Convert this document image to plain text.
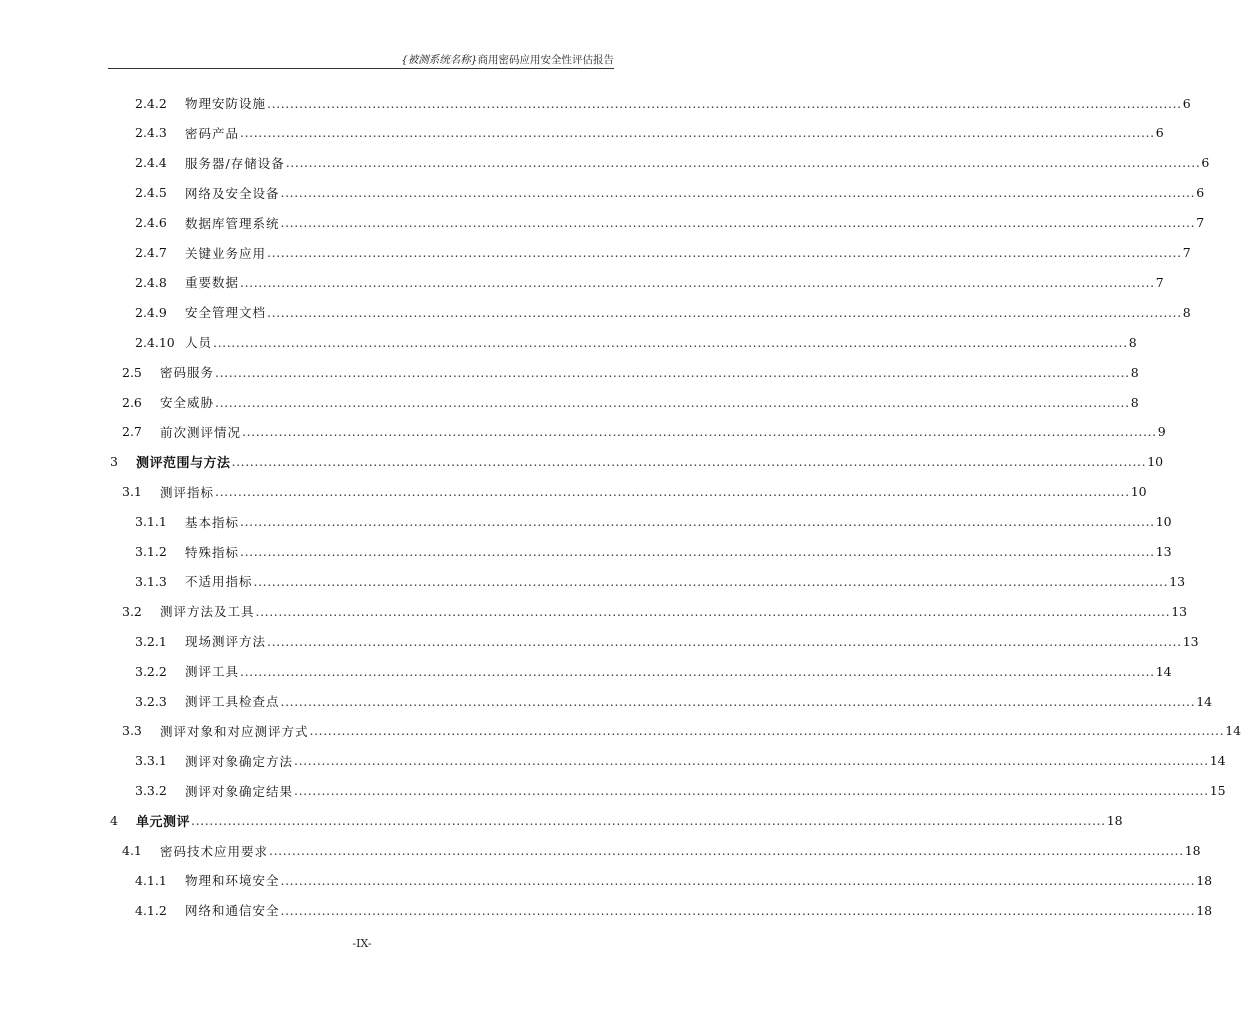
{被测系统名称}商用密码应用安全性评估报告
2.4.2	物理安防设施 ........................................................................................................................................................................................................ 6
2.4.3	密码产品 ........................................................................................................................................................................................................ 6
2.4.4	服务器/存储设备 ........................................................................................................................................................................................................ 6
2.4.5	网络及安全设备 ........................................................................................................................................................................................................ 6
2.4.6	数据库管理系统 ........................................................................................................................................................................................................ 7
2.4.7	关键业务应用 ........................................................................................................................................................................................................ 7
2.4.8	重要数据 ........................................................................................................................................................................................................ 7
2.4.9	安全管理文档 ........................................................................................................................................................................................................ 8
2.4.10 人员 ........................................................................................................................................................................................................ 8
2.5	密码服务 ........................................................................................................................................................................................................ 8
2.6	安全威胁 ........................................................................................................................................................................................................ 8
2.7	前次测评情况 ........................................................................................................................................................................................................ 9
3	测评范围与方法 ........................................................................................................................................................................................................ 10
3.1	测评指标 ........................................................................................................................................................................................................ 10
3.1.1	基本指标 ........................................................................................................................................................................................................ 10
3.1.2	特殊指标 ........................................................................................................................................................................................................ 13
3.1.3	不适用指标 ........................................................................................................................................................................................................ 13
3.2	测评方法及工具 ........................................................................................................................................................................................................ 13
3.2.1	现场测评方法 ........................................................................................................................................................................................................ 13
3.2.2	测评工具 ........................................................................................................................................................................................................ 14
3.2.3	测评工具检查点 ........................................................................................................................................................................................................ 14
3.3	测评对象和对应测评方式 ........................................................................................................................................................................................................ 14
3.3.1	测评对象确定方法 ........................................................................................................................................................................................................ 14
3.3.2	测评对象确定结果 ........................................................................................................................................................................................................ 15
4	单元测评 ........................................................................................................................................................................................................ 18
4.1	密码技术应用要求 ........................................................................................................................................................................................................ 18
4.1.1	物理和环境安全 ........................................................................................................................................................................................................ 18
4.1.2	网络和通信安全 ........................................................................................................................................................................................................ 18
-IX-
